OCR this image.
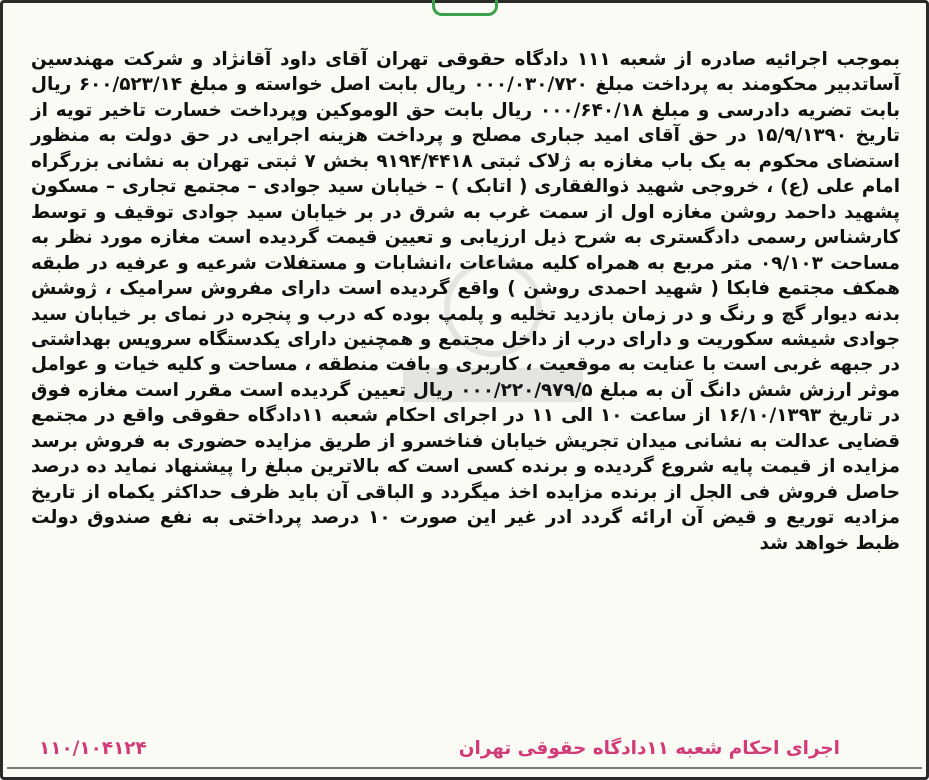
بموجب اجرائیه صادره از شعبه ۱۱۱ دادگاه حقوقی تهران آقای داود آقانژاد و شرکت مهندسین آساتدبیر محکومند به پرداخت مبلغ ۰۰۰/۰۳۰/۷۲۰ ریال بابت اصل خواسته و مبلغ ۶۰۰/۵۲۳/۱۴ ریال بابت تضریه دادرسی و مبلغ ۰۰۰/۶۴۰/۱۸ ریال بابت حق الوموکین وپرداخت خسارت تاخیر تویه از تاریخ ۱۵/۹/۱۳۹۰ در حق آقای امید جباری مصلح و پرداخت هزینه اجرایی در حق دولت به منظور استضای محکوم به یک باب مغازه به ژلاک ثبتی ۹۱۹۴/۴۴۱۸ بخش ۷ ثبتی تهران به نشانی بزرگراه امام علی (ع) ، خروجی شهید ذوالفقاری ( اتابک ) – خیابان سید جوادی – مجتمع تجاری – مسکون پشهید داحمد روشن مغازه اول از سمت غرب به شرق در بر خیابان سید جوادی توقیف و توسط کارشناس رسمی دادگستری به شرح ذیل ارزیابی و تعیین قیمت گردیده است مغازه مورد نظر به مساحت ۰۹/۱۰۳ متر مربع به همراه کلیه مشاعات ،انشابات و مستفلات شرعیه و عرفیه در طبقه همکف مجتمع فابکا ( شهید احمدی روشن ) واقع گردیده است دارای مفروش سرامیک ، ژوشش بدنه دیوار گچ و رنگ و در زمان بازدید تخلیه و پلمپ بوده که درب و پنجره در نمای بر خیابان سید جوادی شیشه سکوریت و دارای درب از داخل مجتمع و همچنین دارای یکدستگاه سرویس بهداشتی در جبهه غربی است با عنایت به موقعیت ، کاربری و بافت منطقه ، مساحت و کلیه خیات و عوامل موثر ارزش شش دانگ آن به مبلغ ۰۰۰/۲۲۰/۹۷۹/۵ ریال تعیین گردیده است مقرر است مغازه فوق در تاریخ ۱۶/۱۰/۱۳۹۳ از ساعت ۱۰ الی ۱۱ در اجرای احکام شعبه ۱۱دادگاه حقوقی واقع در مجتمع قضایی عدالت به نشانی میدان تجریش خیابان فناخسرو از طریق مزایده حضوری به فروش برسد مزایده از قیمت پایه شروع گردیده و برنده کسی است که بالاترین مبلغ را پیشنهاد نماید ده درصد حاصل فروش فی الجل از برنده مزایده اخذ میگردد و الباقی آن باید ظرف حداکثر یکماه از تاریخ مزادیه توریع و قیض آن ارائه گردد ادر غیر این صورت ۱۰ درصد پرداختی به نفع صندوق دولت ظبط خواهد شد

اجرای احکام شعبه ۱۱دادگاه حقوقی تهران
۱۱۰/۱۰۴۱۲۴
